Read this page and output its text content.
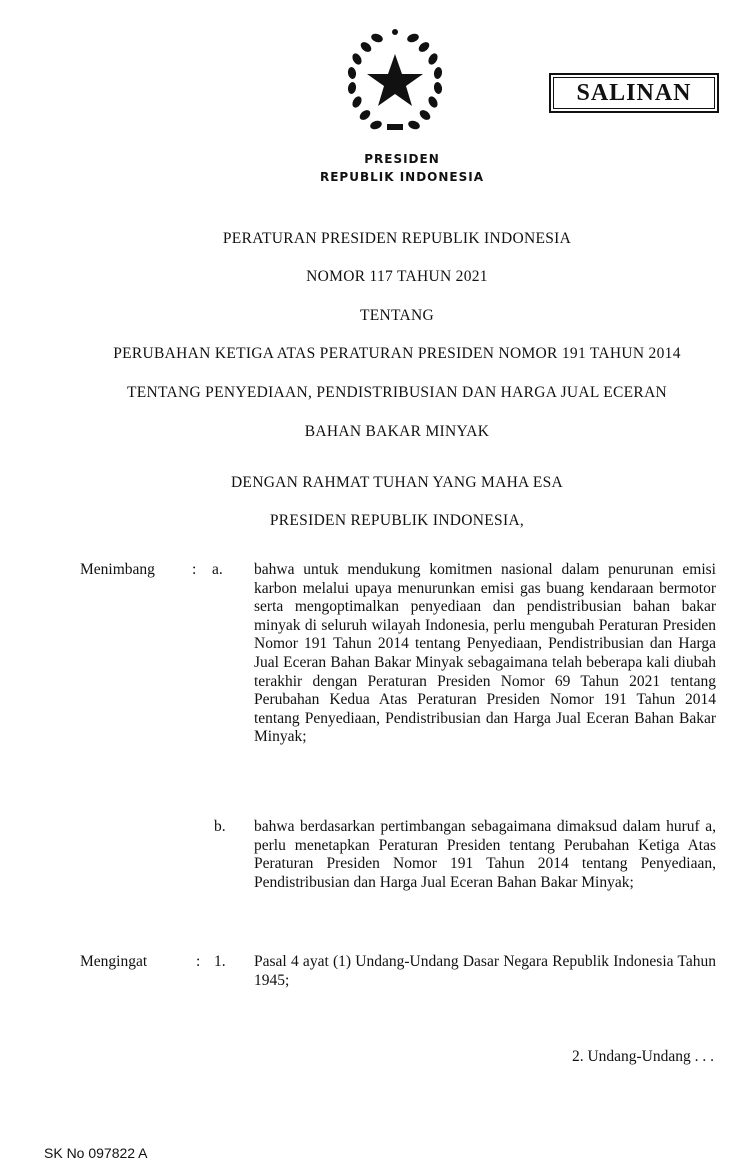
SALINAN
PRESIDEN
REPUBLIK INDONESIA
PERATURAN PRESIDEN REPUBLIK INDONESIA
NOMOR 117 TAHUN 2021
TENTANG
PERUBAHAN KETIGA ATAS PERATURAN PRESIDEN NOMOR 191 TAHUN 2014
TENTANG PENYEDIAAN, PENDISTRIBUSIAN DAN HARGA JUAL ECERAN
BAHAN BAKAR MINYAK
DENGAN RAHMAT TUHAN YANG MAHA ESA
PRESIDEN REPUBLIK INDONESIA,
Menimbang : a. bahwa untuk mendukung komitmen nasional dalam penurunan emisi karbon melalui upaya menurunkan emisi gas buang kendaraan bermotor serta mengoptimalkan penyediaan dan pendistribusian bahan bakar minyak di seluruh wilayah Indonesia, perlu mengubah Peraturan Presiden Nomor 191 Tahun 2014 tentang Penyediaan, Pendistribusian dan Harga Jual Eceran Bahan Bakar Minyak sebagaimana telah beberapa kali diubah terakhir dengan Peraturan Presiden Nomor 69 Tahun 2021 tentang Perubahan Kedua Atas Peraturan Presiden Nomor 191 Tahun 2014 tentang Penyediaan, Pendistribusian dan Harga Jual Eceran Bahan Bakar Minyak;
b. bahwa berdasarkan pertimbangan sebagaimana dimaksud dalam huruf a, perlu menetapkan Peraturan Presiden tentang Perubahan Ketiga Atas Peraturan Presiden Nomor 191 Tahun 2014 tentang Penyediaan, Pendistribusian dan Harga Jual Eceran Bahan Bakar Minyak;
Mengingat	: 1. Pasal 4 ayat (1) Undang-Undang Dasar Negara Republik Indonesia Tahun 1945;
2. Undang-Undang . . .
SK No 097822 A
